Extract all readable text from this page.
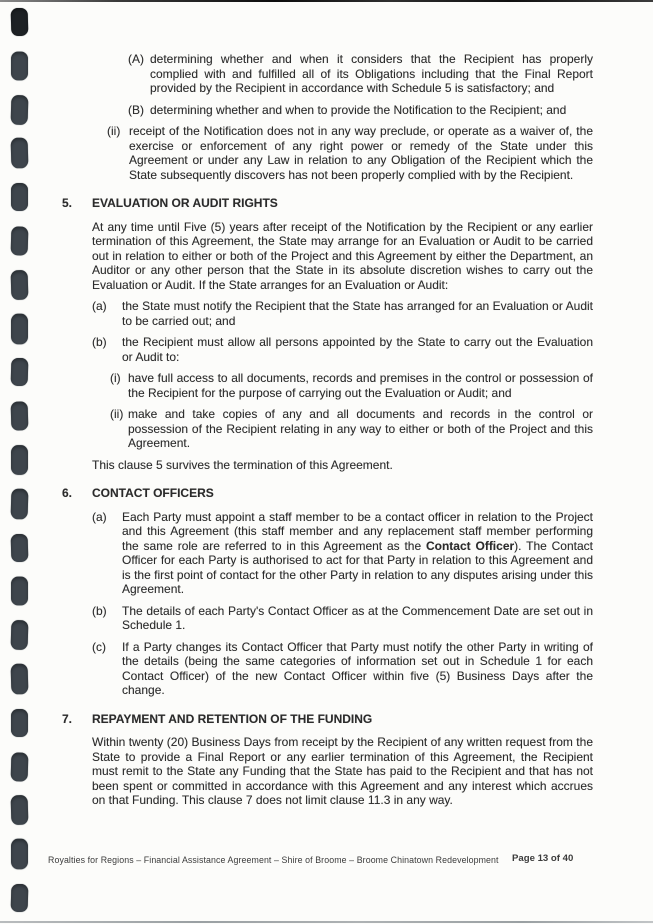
(A) determining whether and when it considers that the Recipient has properly complied with and fulfilled all of its Obligations including that the Final Report provided by the Recipient in accordance with Schedule 5 is satisfactory; and
(B) determining whether and when to provide the Notification to the Recipient; and
(ii) receipt of the Notification does not in any way preclude, or operate as a waiver of, the exercise or enforcement of any right power or remedy of the State under this Agreement or under any Law in relation to any Obligation of the Recipient which the State subsequently discovers has not been properly complied with by the Recipient.
5. EVALUATION OR AUDIT RIGHTS
At any time until Five (5) years after receipt of the Notification by the Recipient or any earlier termination of this Agreement, the State may arrange for an Evaluation or Audit to be carried out in relation to either or both of the Project and this Agreement by either the Department, an Auditor or any other person that the State in its absolute discretion wishes to carry out the Evaluation or Audit. If the State arranges for an Evaluation or Audit:
(a)	the State must notify the Recipient that the State has arranged for an Evaluation or Audit to be carried out; and
(b)	the Recipient must allow all persons appointed by the State to carry out the Evaluation or Audit to:
(i) have full access to all documents, records and premises in the control or possession of the Recipient for the purpose of carrying out the Evaluation or Audit; and
(ii) make and take copies of any and all documents and records in the control or possession of the Recipient relating in any way to either or both of the Project and this Agreement.
This clause 5 survives the termination of this Agreement.
6. CONTACT OFFICERS
(a)	Each Party must appoint a staff member to be a contact officer in relation to the Project and this Agreement (this staff member and any replacement staff member performing the same role are referred to in this Agreement as the Contact Officer). The Contact Officer for each Party is authorised to act for that Party in relation to this Agreement and is the first point of contact for the other Party in relation to any disputes arising under this Agreement.
(b)	The details of each Party's Contact Officer as at the Commencement Date are set out in Schedule 1.
(c)	If a Party changes its Contact Officer that Party must notify the other Party in writing of the details (being the same categories of information set out in Schedule 1 for each Contact Officer) of the new Contact Officer within five (5) Business Days after the change.
7. REPAYMENT AND RETENTION OF THE FUNDING
Within twenty (20) Business Days from receipt by the Recipient of any written request from the State to provide a Final Report or any earlier termination of this Agreement, the Recipient must remit to the State any Funding that the State has paid to the Recipient and that has not been spent or committed in accordance with this Agreement and any interest which accrues on that Funding. This clause 7 does not limit clause 11.3 in any way.
Royalties for Regions – Financial Assistance Agreement – Shire of Broome – Broome Chinatown Redevelopment Page 13 of 40
